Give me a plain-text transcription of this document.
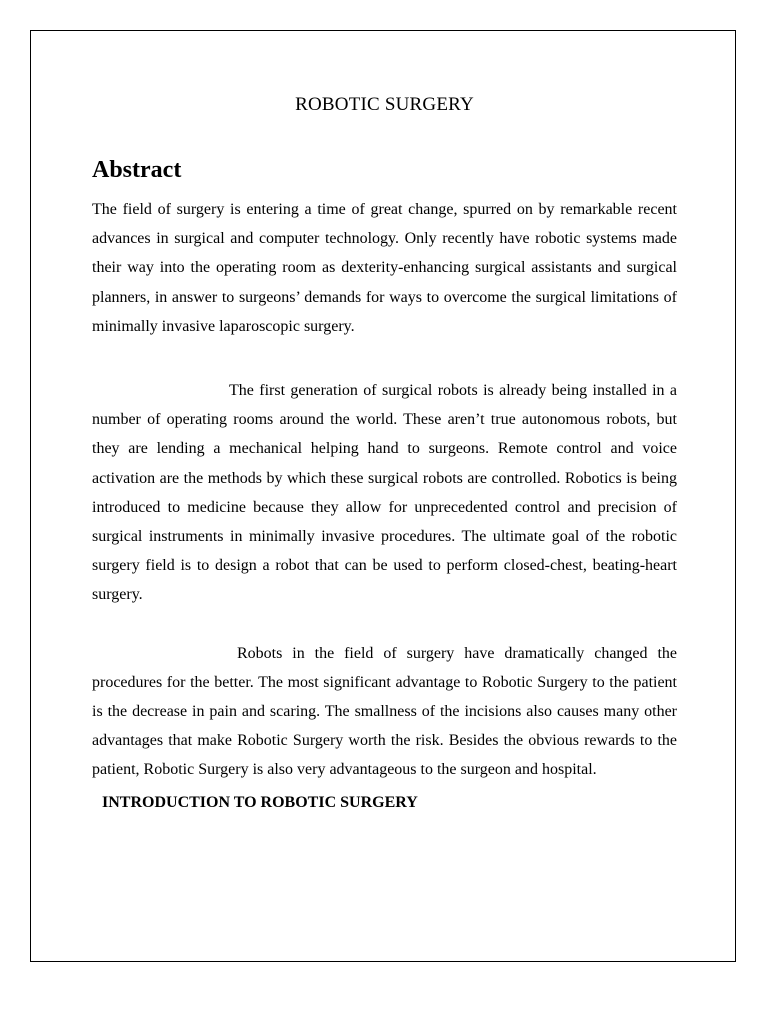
ROBOTIC SURGERY
Abstract

The field of surgery is entering a time of great change, spurred on by remarkable recent advances in surgical and computer technology. Only recently have robotic systems made their way into the operating room as dexterity-enhancing surgical assistants and surgical planners, in answer to surgeons’ demands for ways to overcome the surgical limitations of minimally invasive laparoscopic surgery.

The first generation of surgical robots is already being installed in a number of operating rooms around the world. These aren’t true autonomous robots, but they are lending a mechanical helping hand to surgeons. Remote control and voice activation are the methods by which these surgical robots are controlled. Robotics is being introduced to medicine because they allow for unprecedented control and precision of surgical instruments in minimally invasive procedures. The ultimate goal of the robotic surgery field is to design a robot that can be used to perform closed-chest, beating-heart surgery.

Robots in the field of surgery have dramatically changed the procedures for the better. The most significant advantage to Robotic Surgery to the patient is the decrease in pain and scaring. The smallness of the incisions also causes many other advantages that make Robotic Surgery worth the risk. Besides the obvious rewards to the patient, Robotic Surgery is also very advantageous to the surgeon and hospital.

INTRODUCTION TO ROBOTIC SURGERY
